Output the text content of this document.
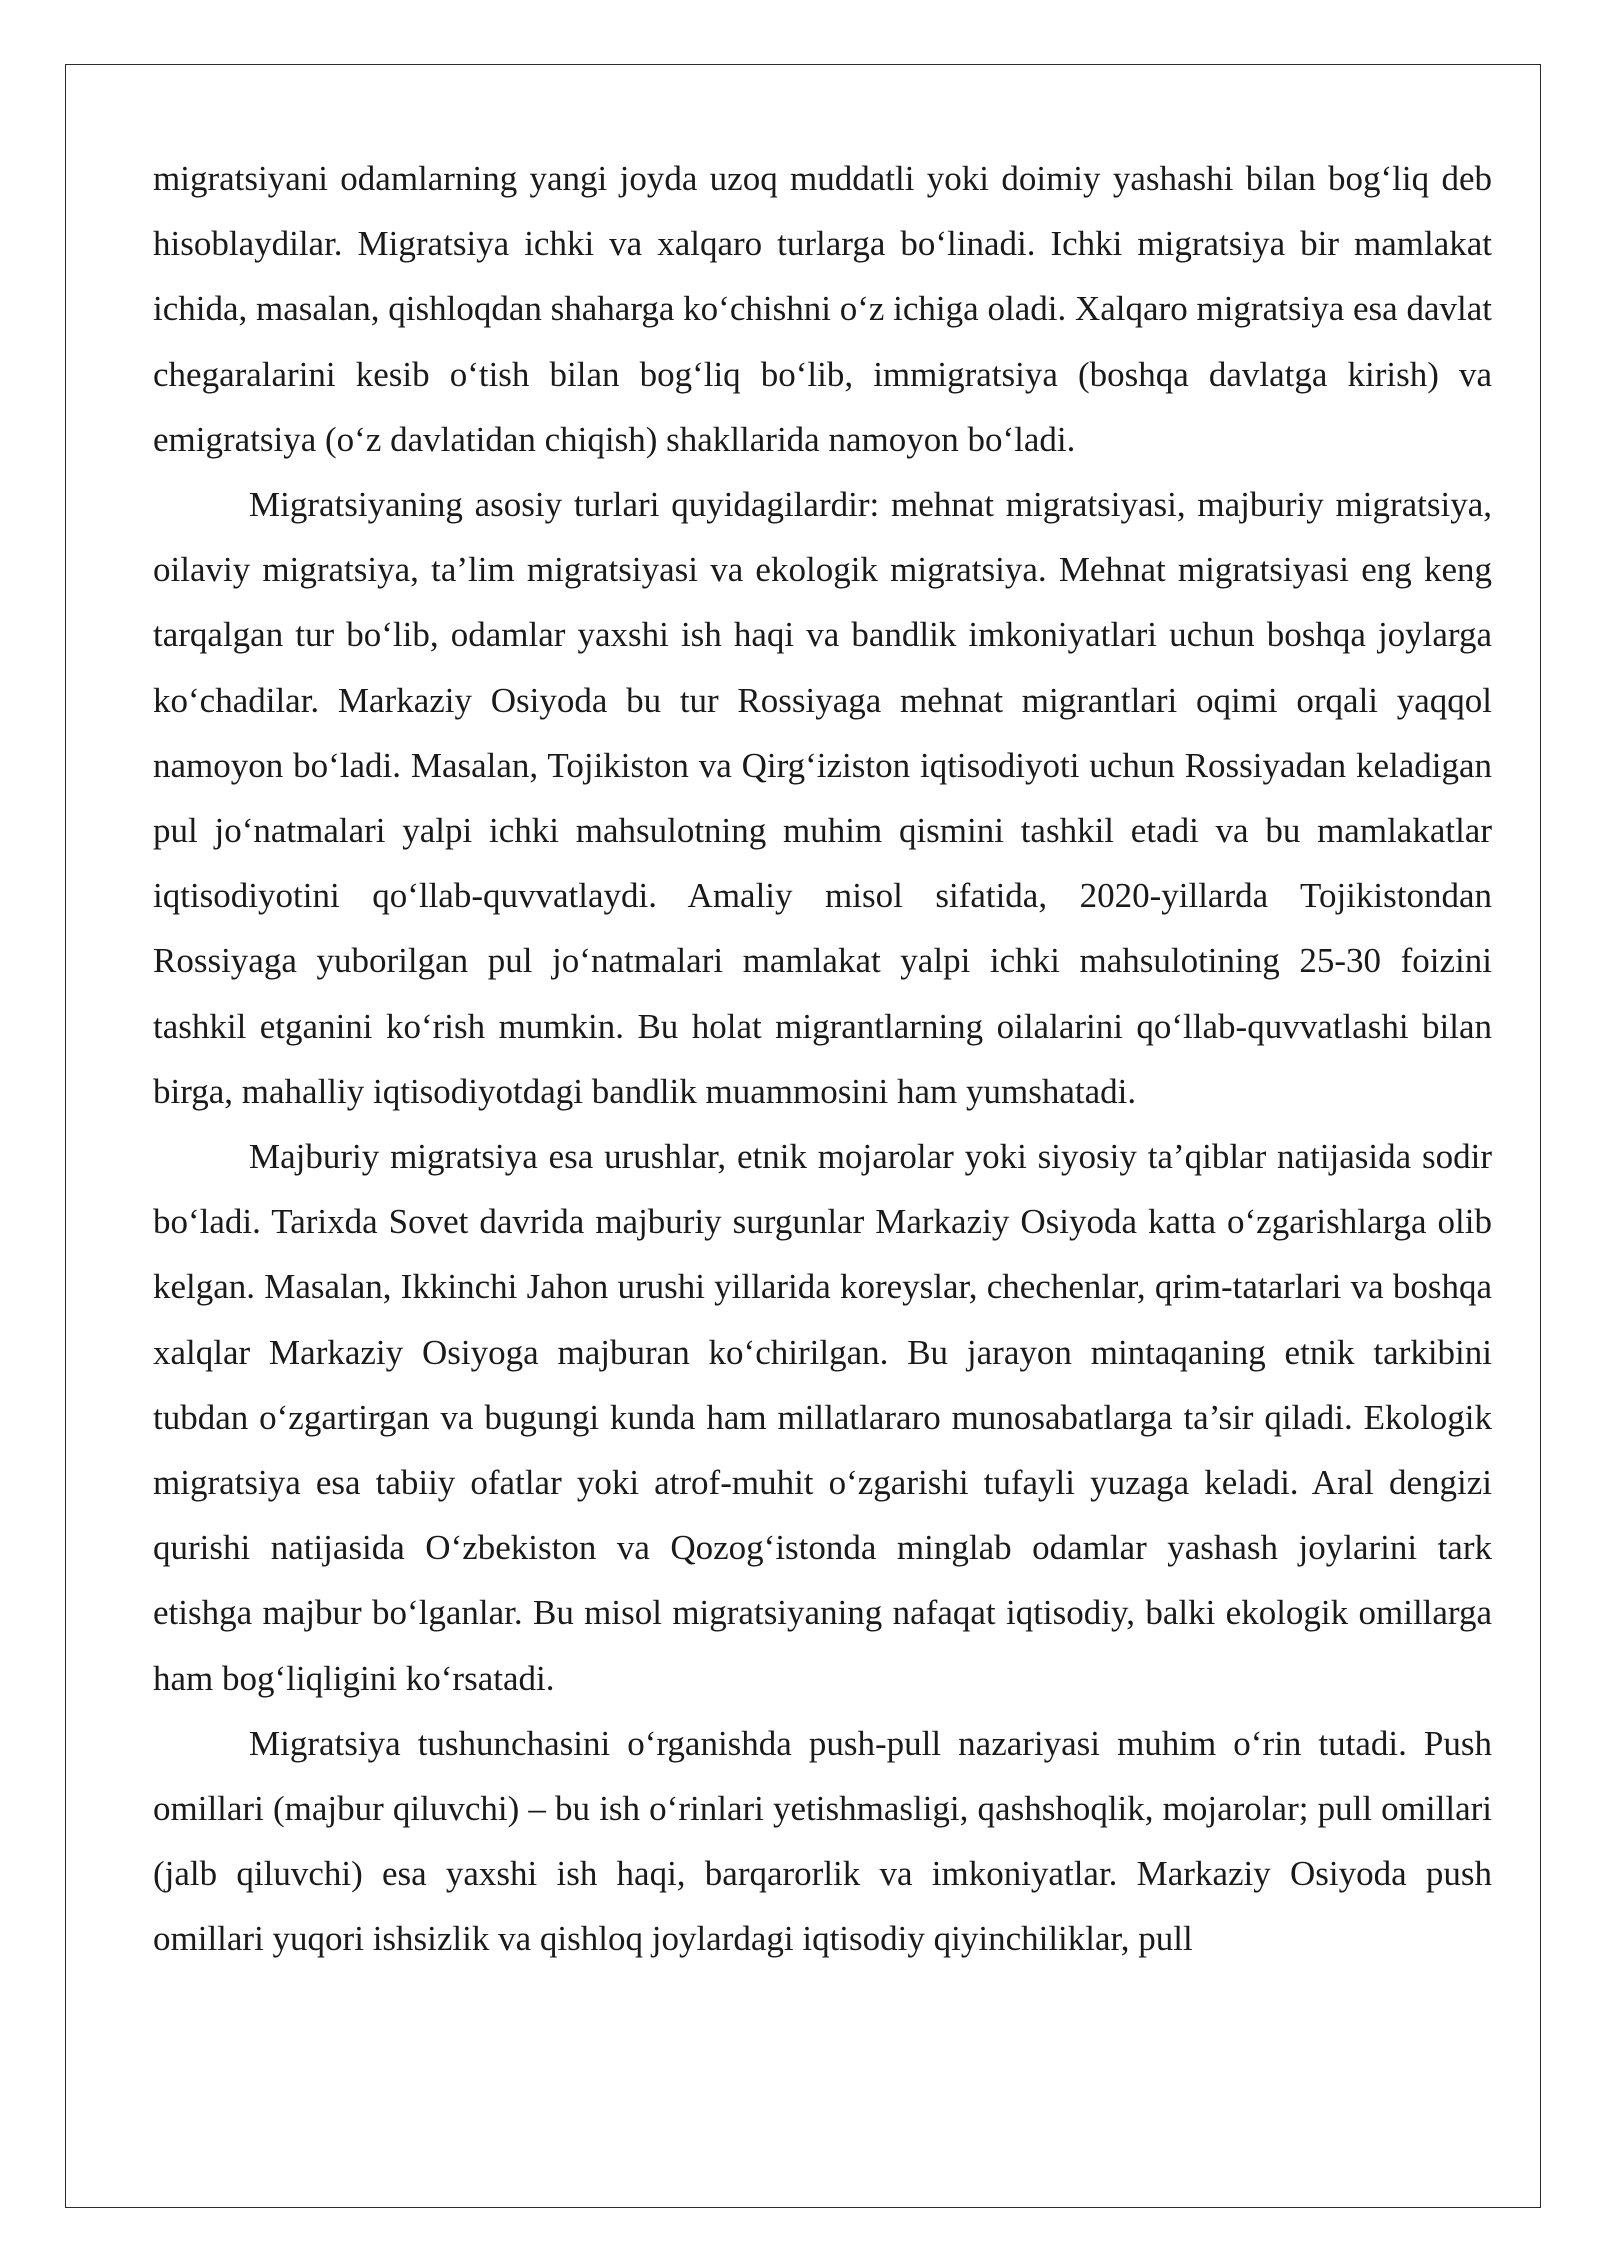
migratsiyani odamlarning yangi joyda uzoq muddatli yoki doimiy yashashi bilan bog‘liq deb hisoblaydilar. Migratsiya ichki va xalqaro turlarga bo‘linadi. Ichki migratsiya bir mamlakat ichida, masalan, qishloqdan shaharga ko‘chishni o‘z ichiga oladi. Xalqaro migratsiya esa davlat chegaralarini kesib o‘tish bilan bog‘liq bo‘lib, immigratsiya (boshqa davlatga kirish) va emigratsiya (o‘z davlatidan chiqish) shakllarida namoyon bo‘ladi.

Migratsiyaning asosiy turlari quyidagilardir: mehnat migratsiyasi, majburiy migratsiya, oilaviy migratsiya, ta’lim migratsiyasi va ekologik migratsiya. Mehnat migratsiyasi eng keng tarqalgan tur bo‘lib, odamlar yaxshi ish haqi va bandlik imkoniyatlari uchun boshqa joylarga ko‘chadilar. Markaziy Osiyoda bu tur Rossiyaga mehnat migrantlari oqimi orqali yaqqol namoyon bo‘ladi. Masalan, Tojikiston va Qirg‘iziston iqtisodiyoti uchun Rossiyadan keladigan pul jo‘natmalari yalpi ichki mahsulotning muhim qismini tashkil etadi va bu mamlakatlar iqtisodiyotini qo‘llab-quvvatlaydi. Amaliy misol sifatida, 2020-yillarda Tojikistondan Rossiyaga yuborilgan pul jo‘natmalari mamlakat yalpi ichki mahsulotining 25-30 foizini tashkil etganini ko‘rish mumkin. Bu holat migrantlarning oilalarini qo‘llab-quvvatlashi bilan birga, mahalliy iqtisodiyotdagi bandlik muammosini ham yumshatadi.

Majburiy migratsiya esa urushlar, etnik mojarolar yoki siyosiy ta’qiblar natijasida sodir bo‘ladi. Tarixda Sovet davrida majburiy surgunlar Markaziy Osiyoda katta o‘zgarishlarga olib kelgan. Masalan, Ikkinchi Jahon urushi yillarida koreyslar, chechenlar, qrim-tatarlari va boshqa xalqlar Markaziy Osiyoga majburan ko‘chirilgan. Bu jarayon mintaqaning etnik tarkibini tubdan o‘zgartirgan va bugungi kunda ham millatlararo munosabatlarga ta’sir qiladi. Ekologik migratsiya esa tabiiy ofatlar yoki atrof-muhit o‘zgarishi tufayli yuzaga keladi. Aral dengizi qurishi natijasida O‘zbekiston va Qozog‘istonda minglab odamlar yashash joylarini tark etishga majbur bo‘lganlar. Bu misol migratsiyaning nafaqat iqtisodiy, balki ekologik omillarga ham bog‘liqligini ko‘rsatadi.

Migratsiya tushunchasini o‘rganishda push-pull nazariyasi muhim o‘rin tutadi. Push omillari (majbur qiluvchi) – bu ish o‘rinlari yetishmasligi, qashshoqlik, mojarolar; pull omillari (jalb qiluvchi) esa yaxshi ish haqi, barqarorlik va imkoniyatlar. Markaziy Osiyoda push omillari yuqori ishsizlik va qishloq joylardagi iqtisodiy qiyinchiliklar, pull
